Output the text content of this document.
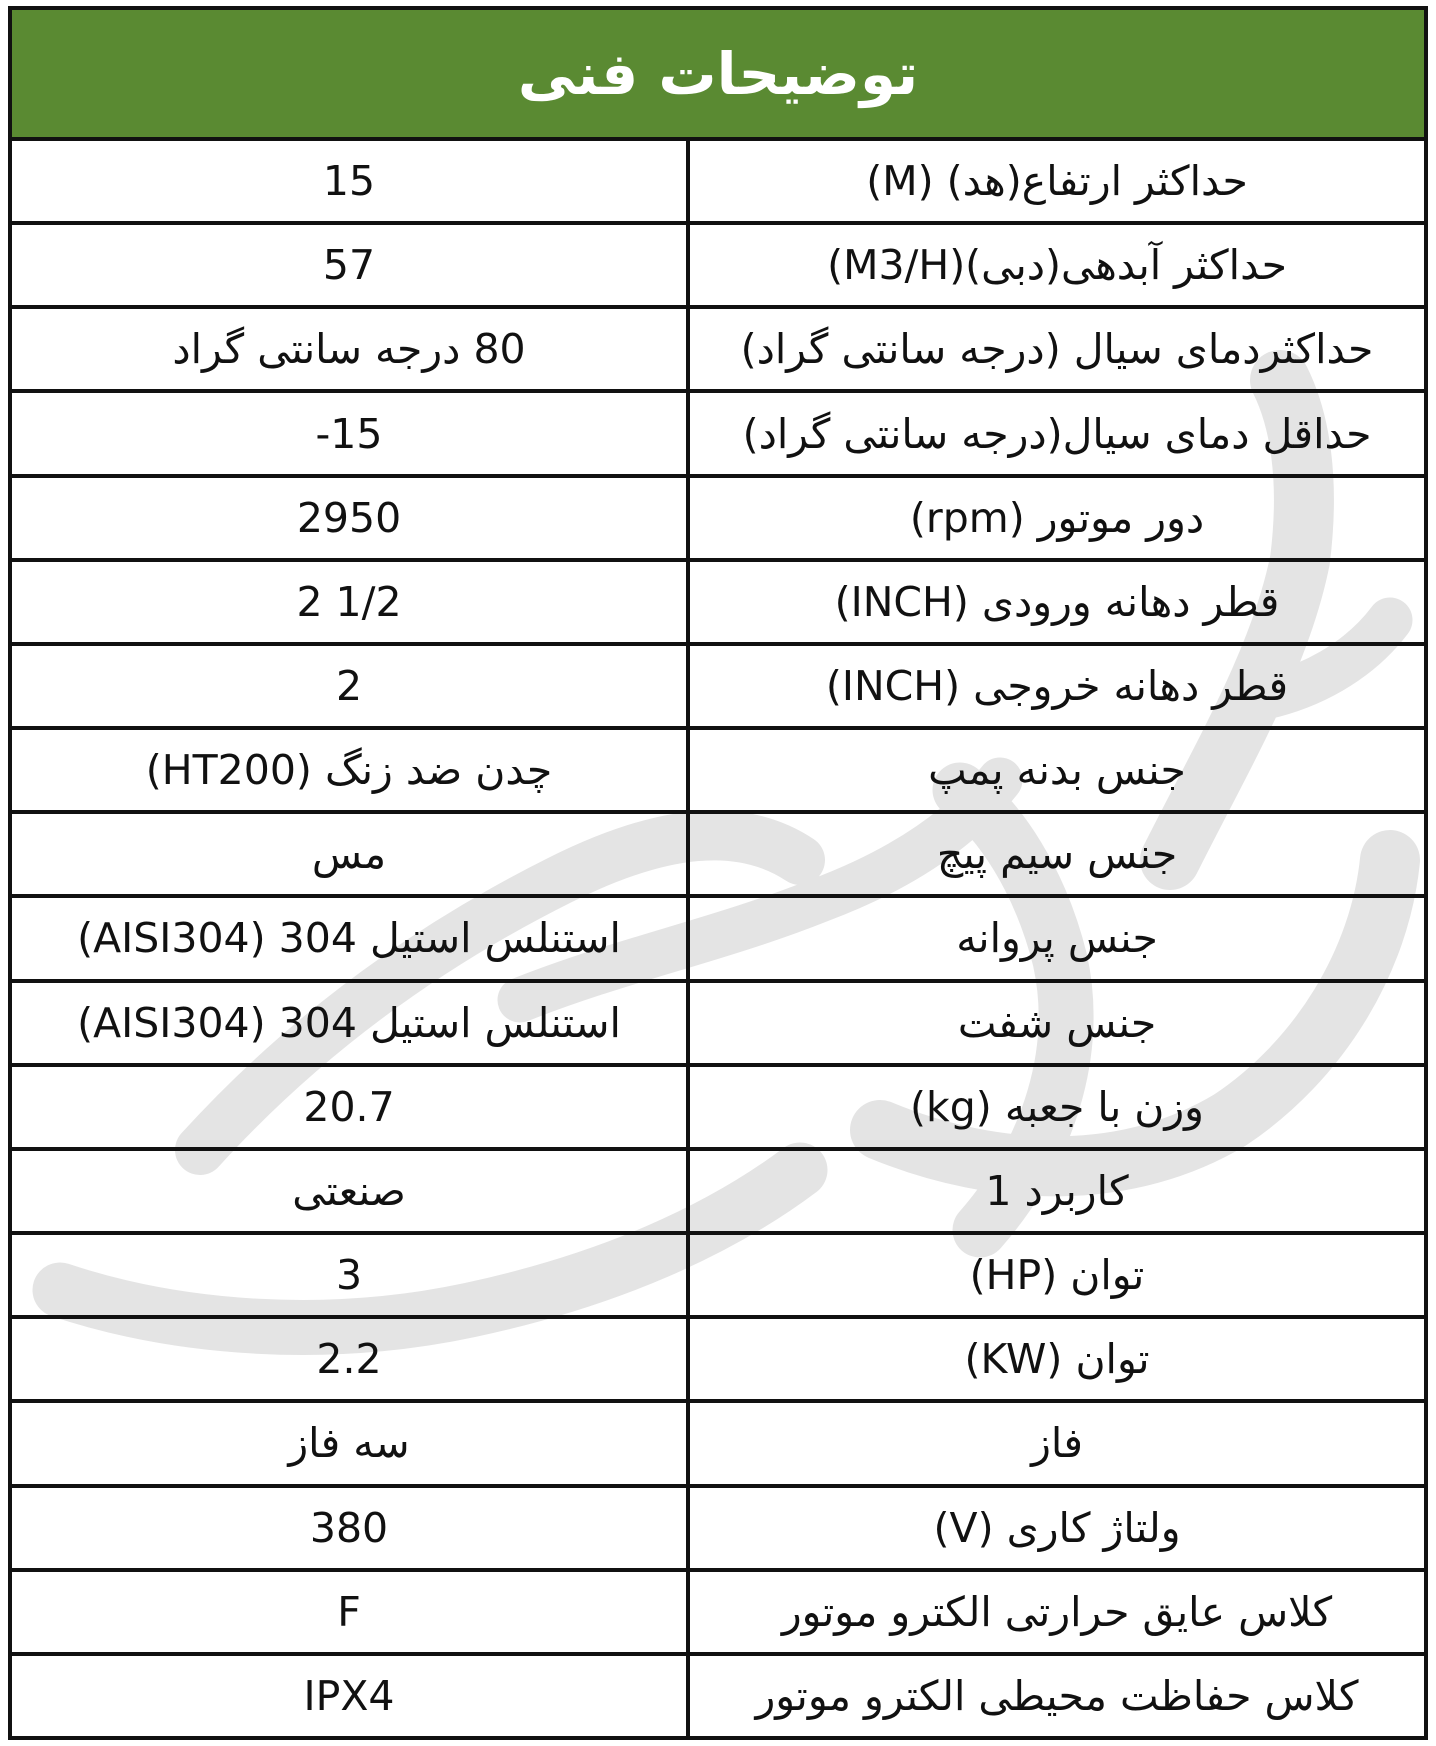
توضیحات فنی
حداکثر ارتفاع(هد) (M)
15
حداکثر آبدهی(دبی)(M3/H)
57
حداکثردمای سیال (درجه سانتی گراد)
80 درجه سانتی گراد
حداقل دمای سیال(درجه سانتی گراد)
-15
دور موتور (rpm)
2950
قطر دهانه ورودی (INCH)
2 1/2
قطر دهانه خروجی (INCH)
2
جنس بدنه پمپ
چدن ضد زنگ (HT200)
جنس سیم پیچ
مس
جنس پروانه
استنلس استیل 304 (AISI304)
جنس شفت
استنلس استیل 304 (AISI304)
وزن با جعبه (kg)
20.7
کاربرد 1
صنعتی
توان (HP)
3
توان (KW)
2.2
فاز
سه فاز
ولتاژ کاری (V)
380
کلاس عایق حرارتی الکترو موتور
F
کلاس حفاظت محیطی الکترو موتور
IPX4
